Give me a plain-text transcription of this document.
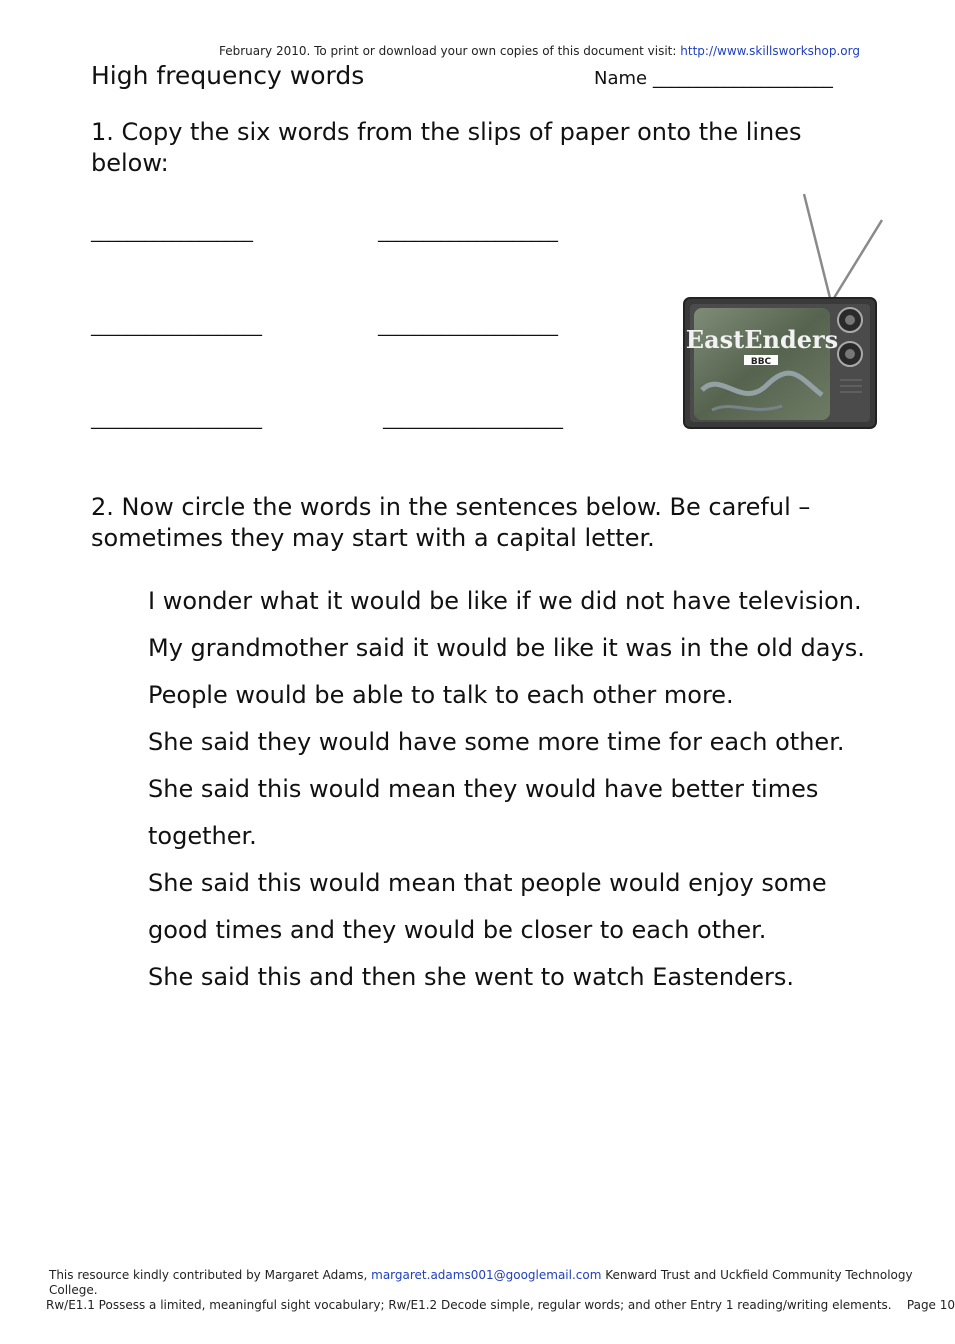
February 2010. To print or download your own copies of this document visit: http://www.skillsworkshop.org
High frequency words	Name ____________________
1. Copy the six words from the slips of paper onto the lines below:
__________________	____________________
___________________	____________________
___________________	____________________
EastEnders
BBC
2. Now circle the words in the sentences below. Be careful – sometimes they may start with a capital letter.

I wonder what it would be like if we did not have television.

My grandmother said it would be like it was in the old days.

People would be able to talk to each other more.

She said they would have some more time for each other.

She said this would mean they would have better times together.

She said this would mean that people would enjoy some good times and they would be closer to each other.

She said this and then she went to watch Eastenders.

This resource kindly contributed by Margaret Adams, margaret.adams001@googlemail.com Kenward Trust and Uckfield Community Technology College.
Rw/E1.1 Possess a limited, meaningful sight vocabulary; Rw/E1.2 Decode simple, regular words; and other Entry 1 reading/writing elements. Page 10
